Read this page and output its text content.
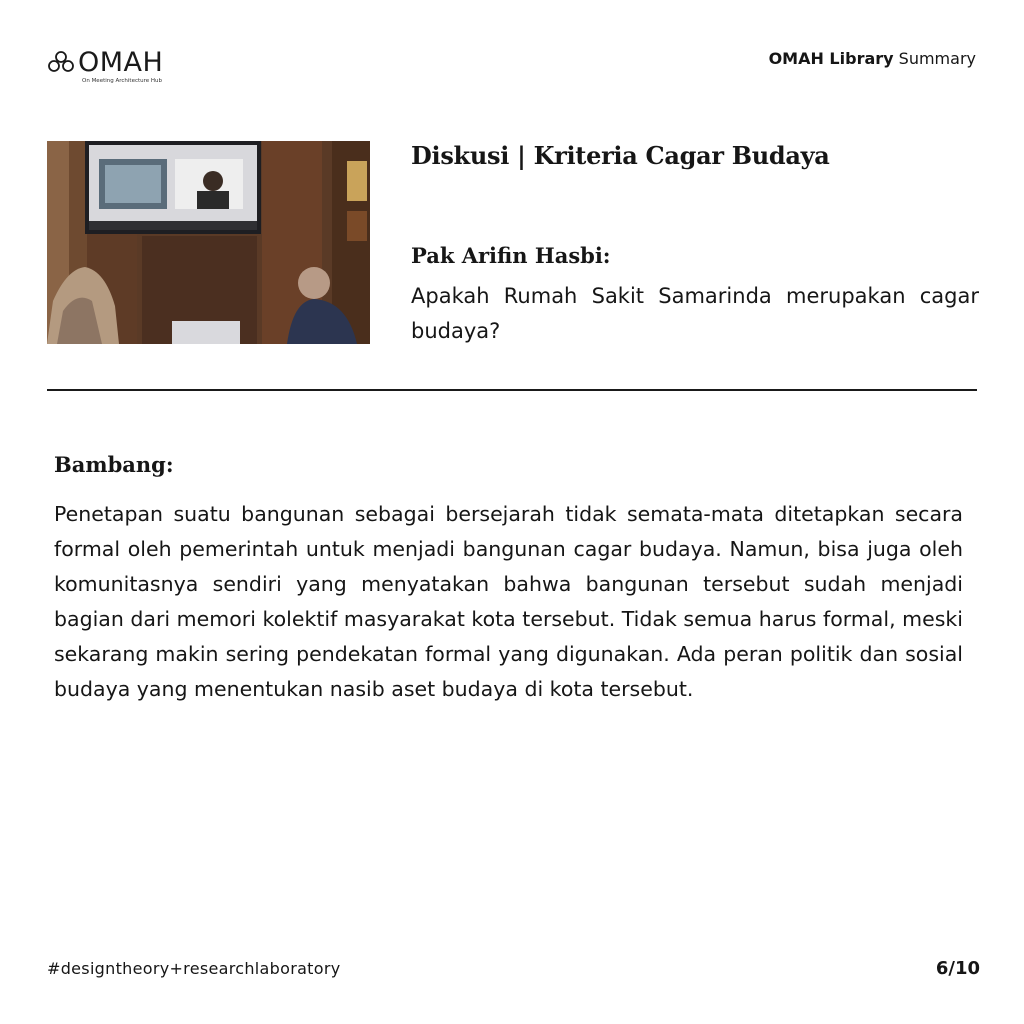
OMAH
On Meeting Architecture Hub
OMAH Library Summary
Diskusi | Kriteria Cagar Budaya
Pak Arifin Hasbi:
Apakah Rumah Sakit Samarinda merupakan cagar budaya?
Bambang:
Penetapan suatu bangunan sebagai bersejarah tidak semata-mata ditetapkan secara formal oleh pemerintah untuk menjadi bangunan cagar budaya. Namun, bisa juga oleh komunitasnya sendiri yang menyatakan bahwa bangunan tersebut sudah menjadi bagian dari memori kolektif masyarakat kota tersebut. Tidak semua harus formal, meski sekarang makin sering pendekatan formal yang digunakan. Ada peran politik dan sosial budaya yang menentukan nasib aset budaya di kota tersebut.
#designtheory+researchlaboratory	6/10
